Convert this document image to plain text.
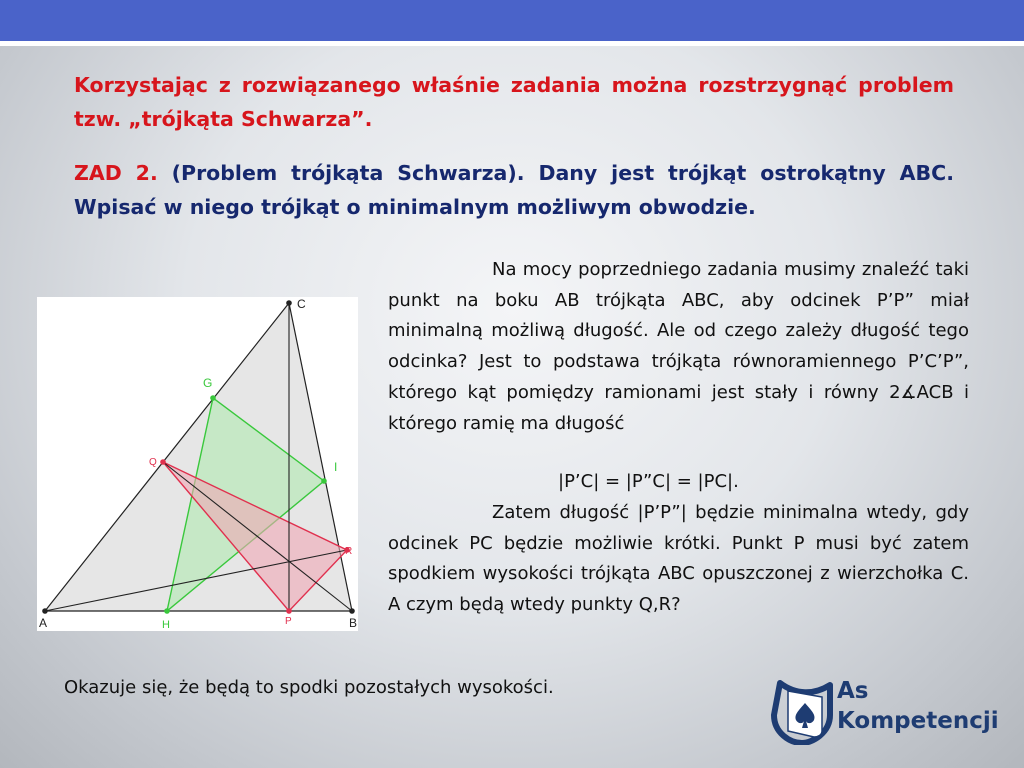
Korzystając z rozwiązanego właśnie zadania można rozstrzygnąć problem tzw. „trójkąta Schwarza”.

ZAD 2. (Problem trójkąta Schwarza). Dany jest trójkąt ostrokątny ABC. Wpisać w niego trójkąt o minimalnym możliwym obwodzie.

A	B
C
G
H
I
P
Q
R

Na mocy poprzedniego zadania musimy znaleźć taki punkt na boku AB trójkąta ABC, aby odcinek P’P” miał minimalną możliwą długość. Ale od czego zależy długość tego odcinka? Jest to podstawa trójkąta równoramiennego P’C’P”, którego kąt pomiędzy ramionami jest stały i równy 2∡ACB i którego ramię ma długość

|P’C| = |P”C| = |PC|.

Zatem długość |P’P”| będzie minimalna wtedy, gdy odcinek PC będzie możliwie krótki. Punkt P musi być zatem spodkiem wysokości trójkąta ABC opuszczonej z wierzchołka C. A czym będą wtedy punkty Q,R?

Okazuje się, że będą to spodki pozostałych wysokości.	As
Kompetencji
